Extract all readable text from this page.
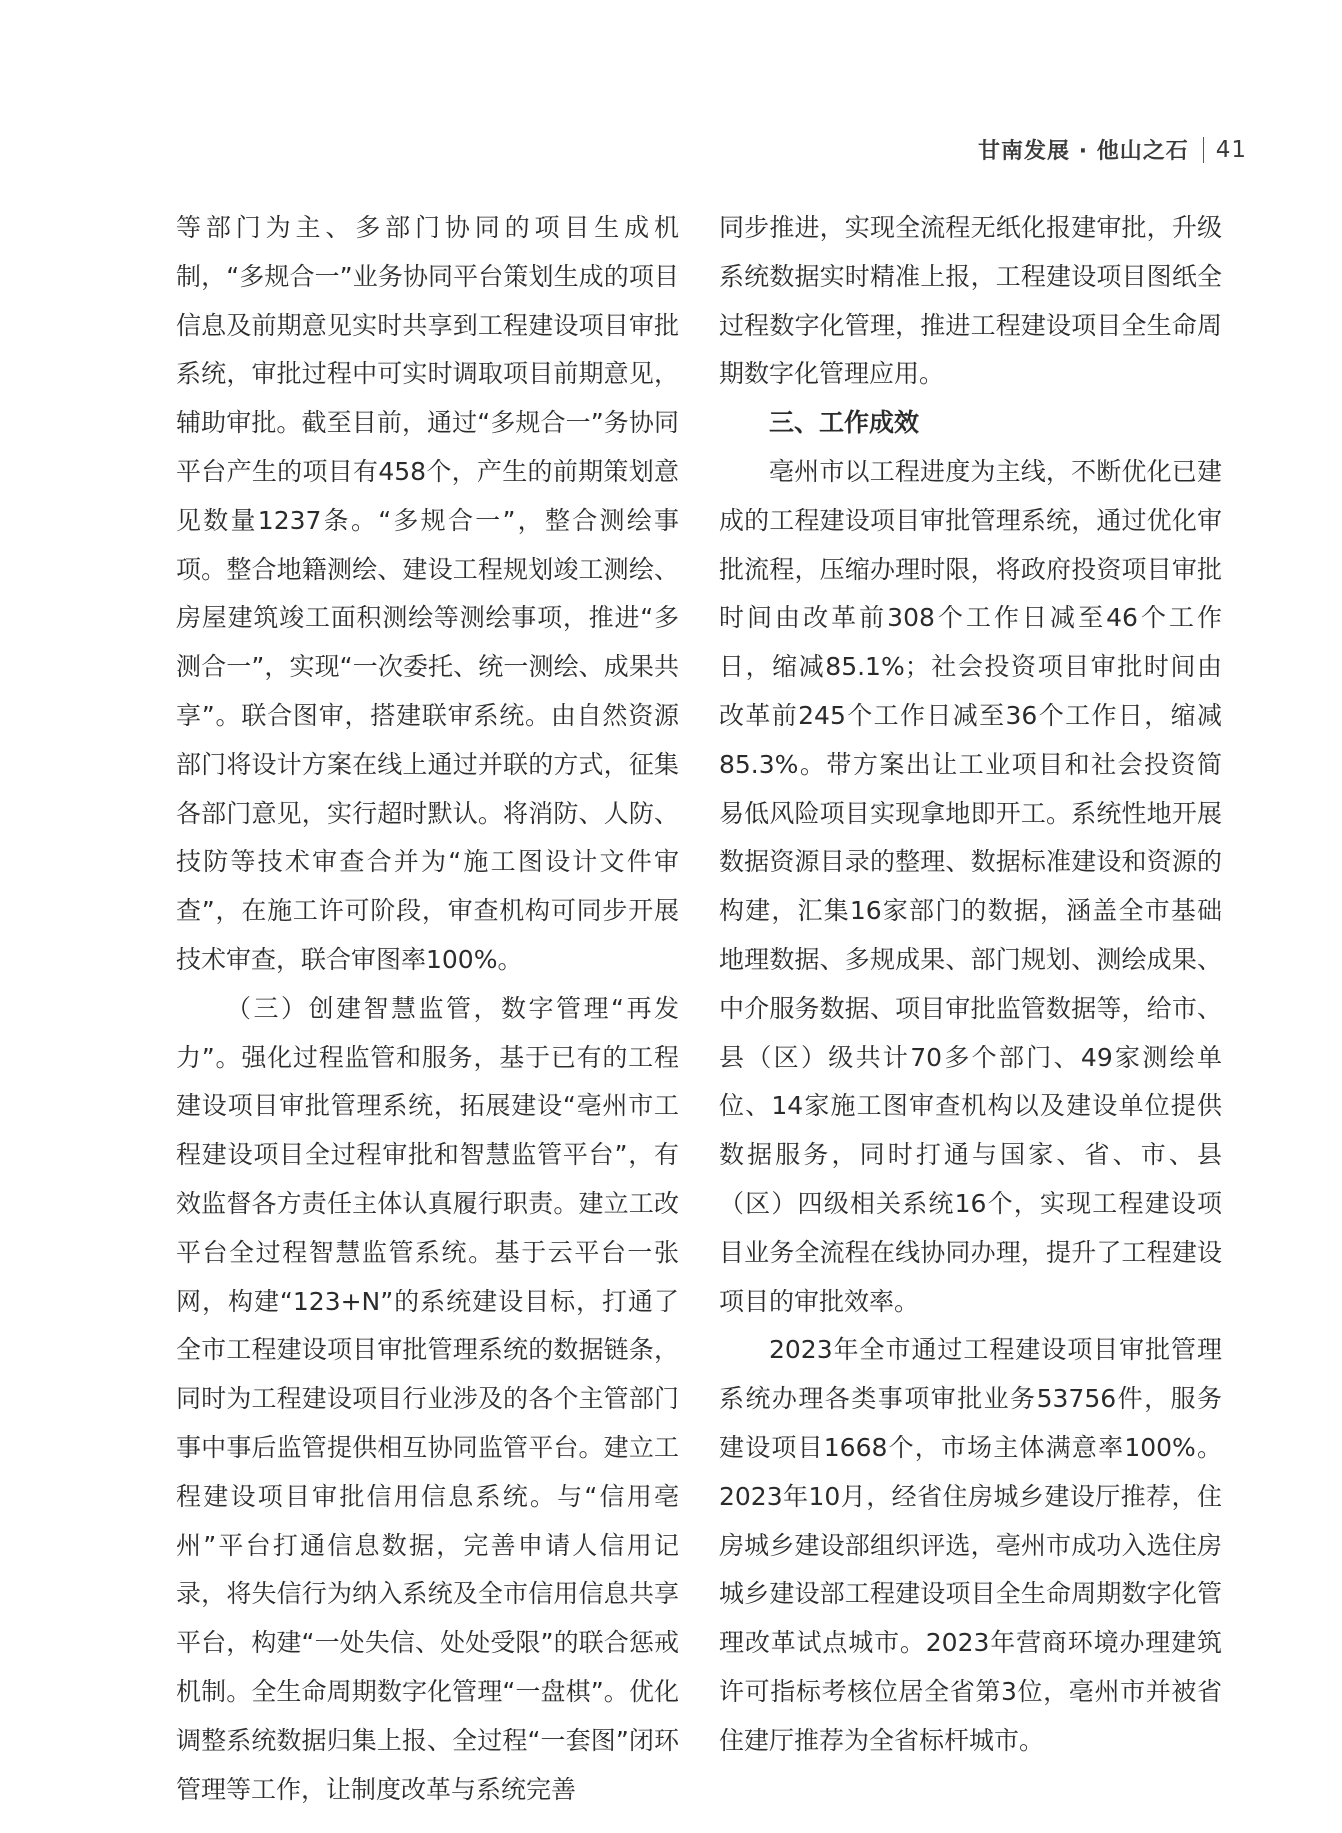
甘南发展 · 他山之石 41

等部门为主、多部门协同的项目生成机制，“多规合一”业务协同平台策划生成的项目信息及前期意见实时共享到工程建设项目审批系统，审批过程中可实时调取项目前期意见，辅助审批。截至目前，通过“多规合一”务协同平台产生的项目有458个，产生的前期策划意见数量1237条。“多规合一”，整合测绘事项。整合地籍测绘、建设工程规划竣工测绘、房屋建筑竣工面积测绘等测绘事项，推进“多测合一”，实现“一次委托、统一测绘、成果共享”。联合图审，搭建联审系统。由自然资源部门将设计方案在线上通过并联的方式，征集各部门意见，实行超时默认。将消防、人防、技防等技术审查合并为“施工图设计文件审查”，在施工许可阶段，审查机构可同步开展技术审查，联合审图率100%。

（三）创建智慧监管，数字管理“再发力”。强化过程监管和服务，基于已有的工程建设项目审批管理系统，拓展建设“亳州市工程建设项目全过程审批和智慧监管平台”，有效监督各方责任主体认真履行职责。建立工改平台全过程智慧监管系统。基于云平台一张网，构建“123+N”的系统建设目标，打通了全市工程建设项目审批管理系统的数据链条，同时为工程建设项目行业涉及的各个主管部门事中事后监管提供相互协同监管平台。建立工程建设项目审批信用信息系统。与“信用亳州”平台打通信息数据，完善申请人信用记录，将失信行为纳入系统及全市信用信息共享平台，构建“一处失信、处处受限”的联合惩戒机制。全生命周期数字化管理“一盘棋”。优化调整系统数据归集上报、全过程“一套图”闭环管理等工作，让制度改革与系统完善

同步推进，实现全流程无纸化报建审批，升级系统数据实时精准上报，工程建设项目图纸全过程数字化管理，推进工程建设项目全生命周期数字化管理应用。

三、工作成效

亳州市以工程进度为主线，不断优化已建成的工程建设项目审批管理系统，通过优化审批流程，压缩办理时限，将政府投资项目审批时间由改革前308个工作日减至46个工作日，缩减85.1%；社会投资项目审批时间由改革前245个工作日减至36个工作日，缩减85.3%。带方案出让工业项目和社会投资简易低风险项目实现拿地即开工。系统性地开展数据资源目录的整理、数据标准建设和资源的构建，汇集16家部门的数据，涵盖全市基础地理数据、多规成果、部门规划、测绘成果、中介服务数据、项目审批监管数据等，给市、县（区）级共计70多个部门、49家测绘单位、14家施工图审查机构以及建设单位提供数据服务，同时打通与国家、省、市、县（区）四级相关系统16个，实现工程建设项目业务全流程在线协同办理，提升了工程建设项目的审批效率。

2023年全市通过工程建设项目审批管理系统办理各类事项审批业务53756件，服务建设项目1668个，市场主体满意率100%。2023年10月，经省住房城乡建设厅推荐，住房城乡建设部组织评选，亳州市成功入选住房城乡建设部工程建设项目全生命周期数字化管理改革试点城市。2023年营商环境办理建筑许可指标考核位居全省第3位，亳州市并被省住建厅推荐为全省标杆城市。
